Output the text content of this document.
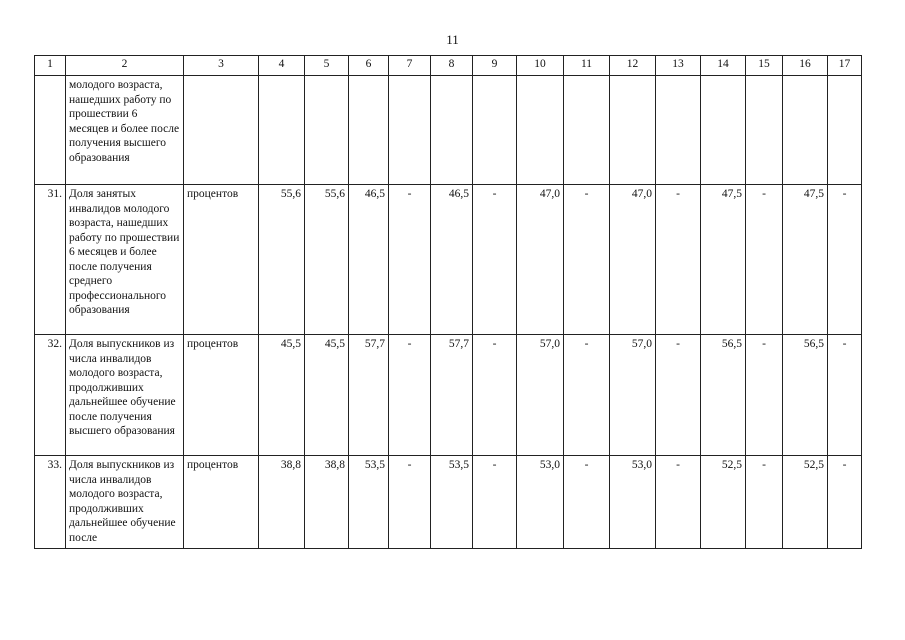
11
1	2	3	4	5	6	7	8	9	10	11	12	13	14	15	16	17
	молодого возраста, нашедших работу по прошествии 6 месяцев и более после получения высшего образования															
31.	Доля занятых инвалидов молодого возраста, нашедших работу по прошествии 6 месяцев и более после получения среднего профессионального образования	процентов	55,6	55,6	46,5	-	46,5	-	47,0	-	47,0	-	47,5	-	47,5	-
32.	Доля выпускников из числа инвалидов молодого возраста, продолживших дальнейшее обучение после получения высшего образования	процентов	45,5	45,5	57,7	-	57,7	-	57,0	-	57,0	-	56,5	-	56,5	-
33.	Доля выпускников из числа инвалидов молодого возраста, продолживших дальнейшее обучение после	процентов	38,8	38,8	53,5	-	53,5	-	53,0	-	53,0	-	52,5	-	52,5	-
